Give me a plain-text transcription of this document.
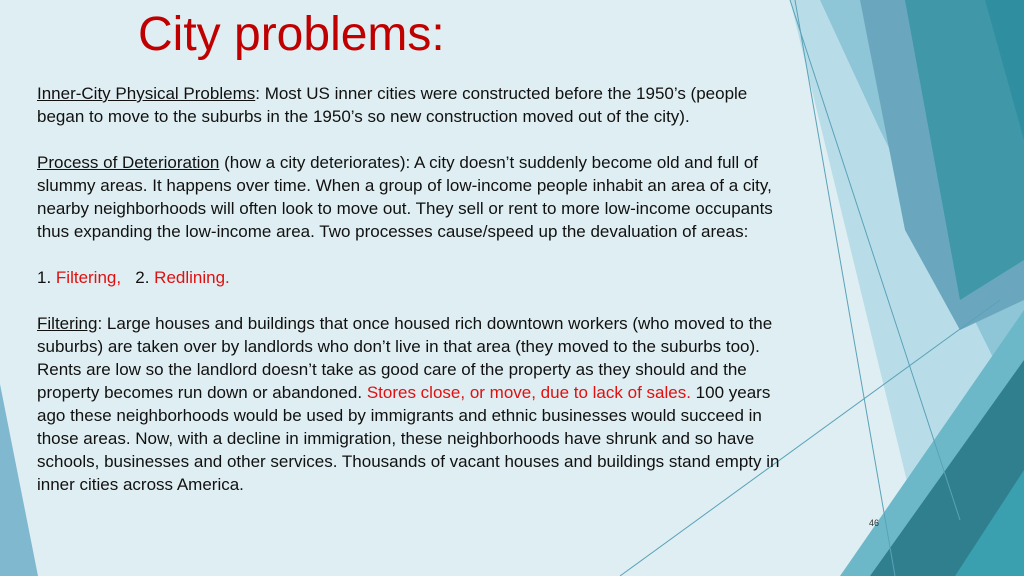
City problems:

Inner-City Physical Problems: Most US inner cities were constructed before the 1950’s (people began to move to the suburbs in the 1950’s so new construction moved out of the city).

Process of Deterioration (how a city deteriorates): A city doesn’t suddenly become old and full of slummy areas. It happens over time. When a group of low-income people inhabit an area of a city, nearby neighborhoods will often look to move out. They sell or rent to more low-income occupants thus expanding the low-income area. Two processes cause/speed up the devaluation of areas:

1. Filtering,   2. Redlining.

Filtering: Large houses and buildings that once housed rich downtown workers (who moved to the suburbs) are taken over by landlords who don’t live in that area (they moved to the suburbs too). Rents are low so the landlord doesn’t take as good care of the property as they should and the property becomes run down or abandoned. Stores close, or move, due to lack of sales. 100 years ago these neighborhoods would be used by immigrants and ethnic businesses would succeed in those areas. Now, with a decline in immigration, these neighborhoods have shrunk and so have schools, businesses and other services. Thousands of vacant houses and buildings stand empty in inner cities across America.

46
